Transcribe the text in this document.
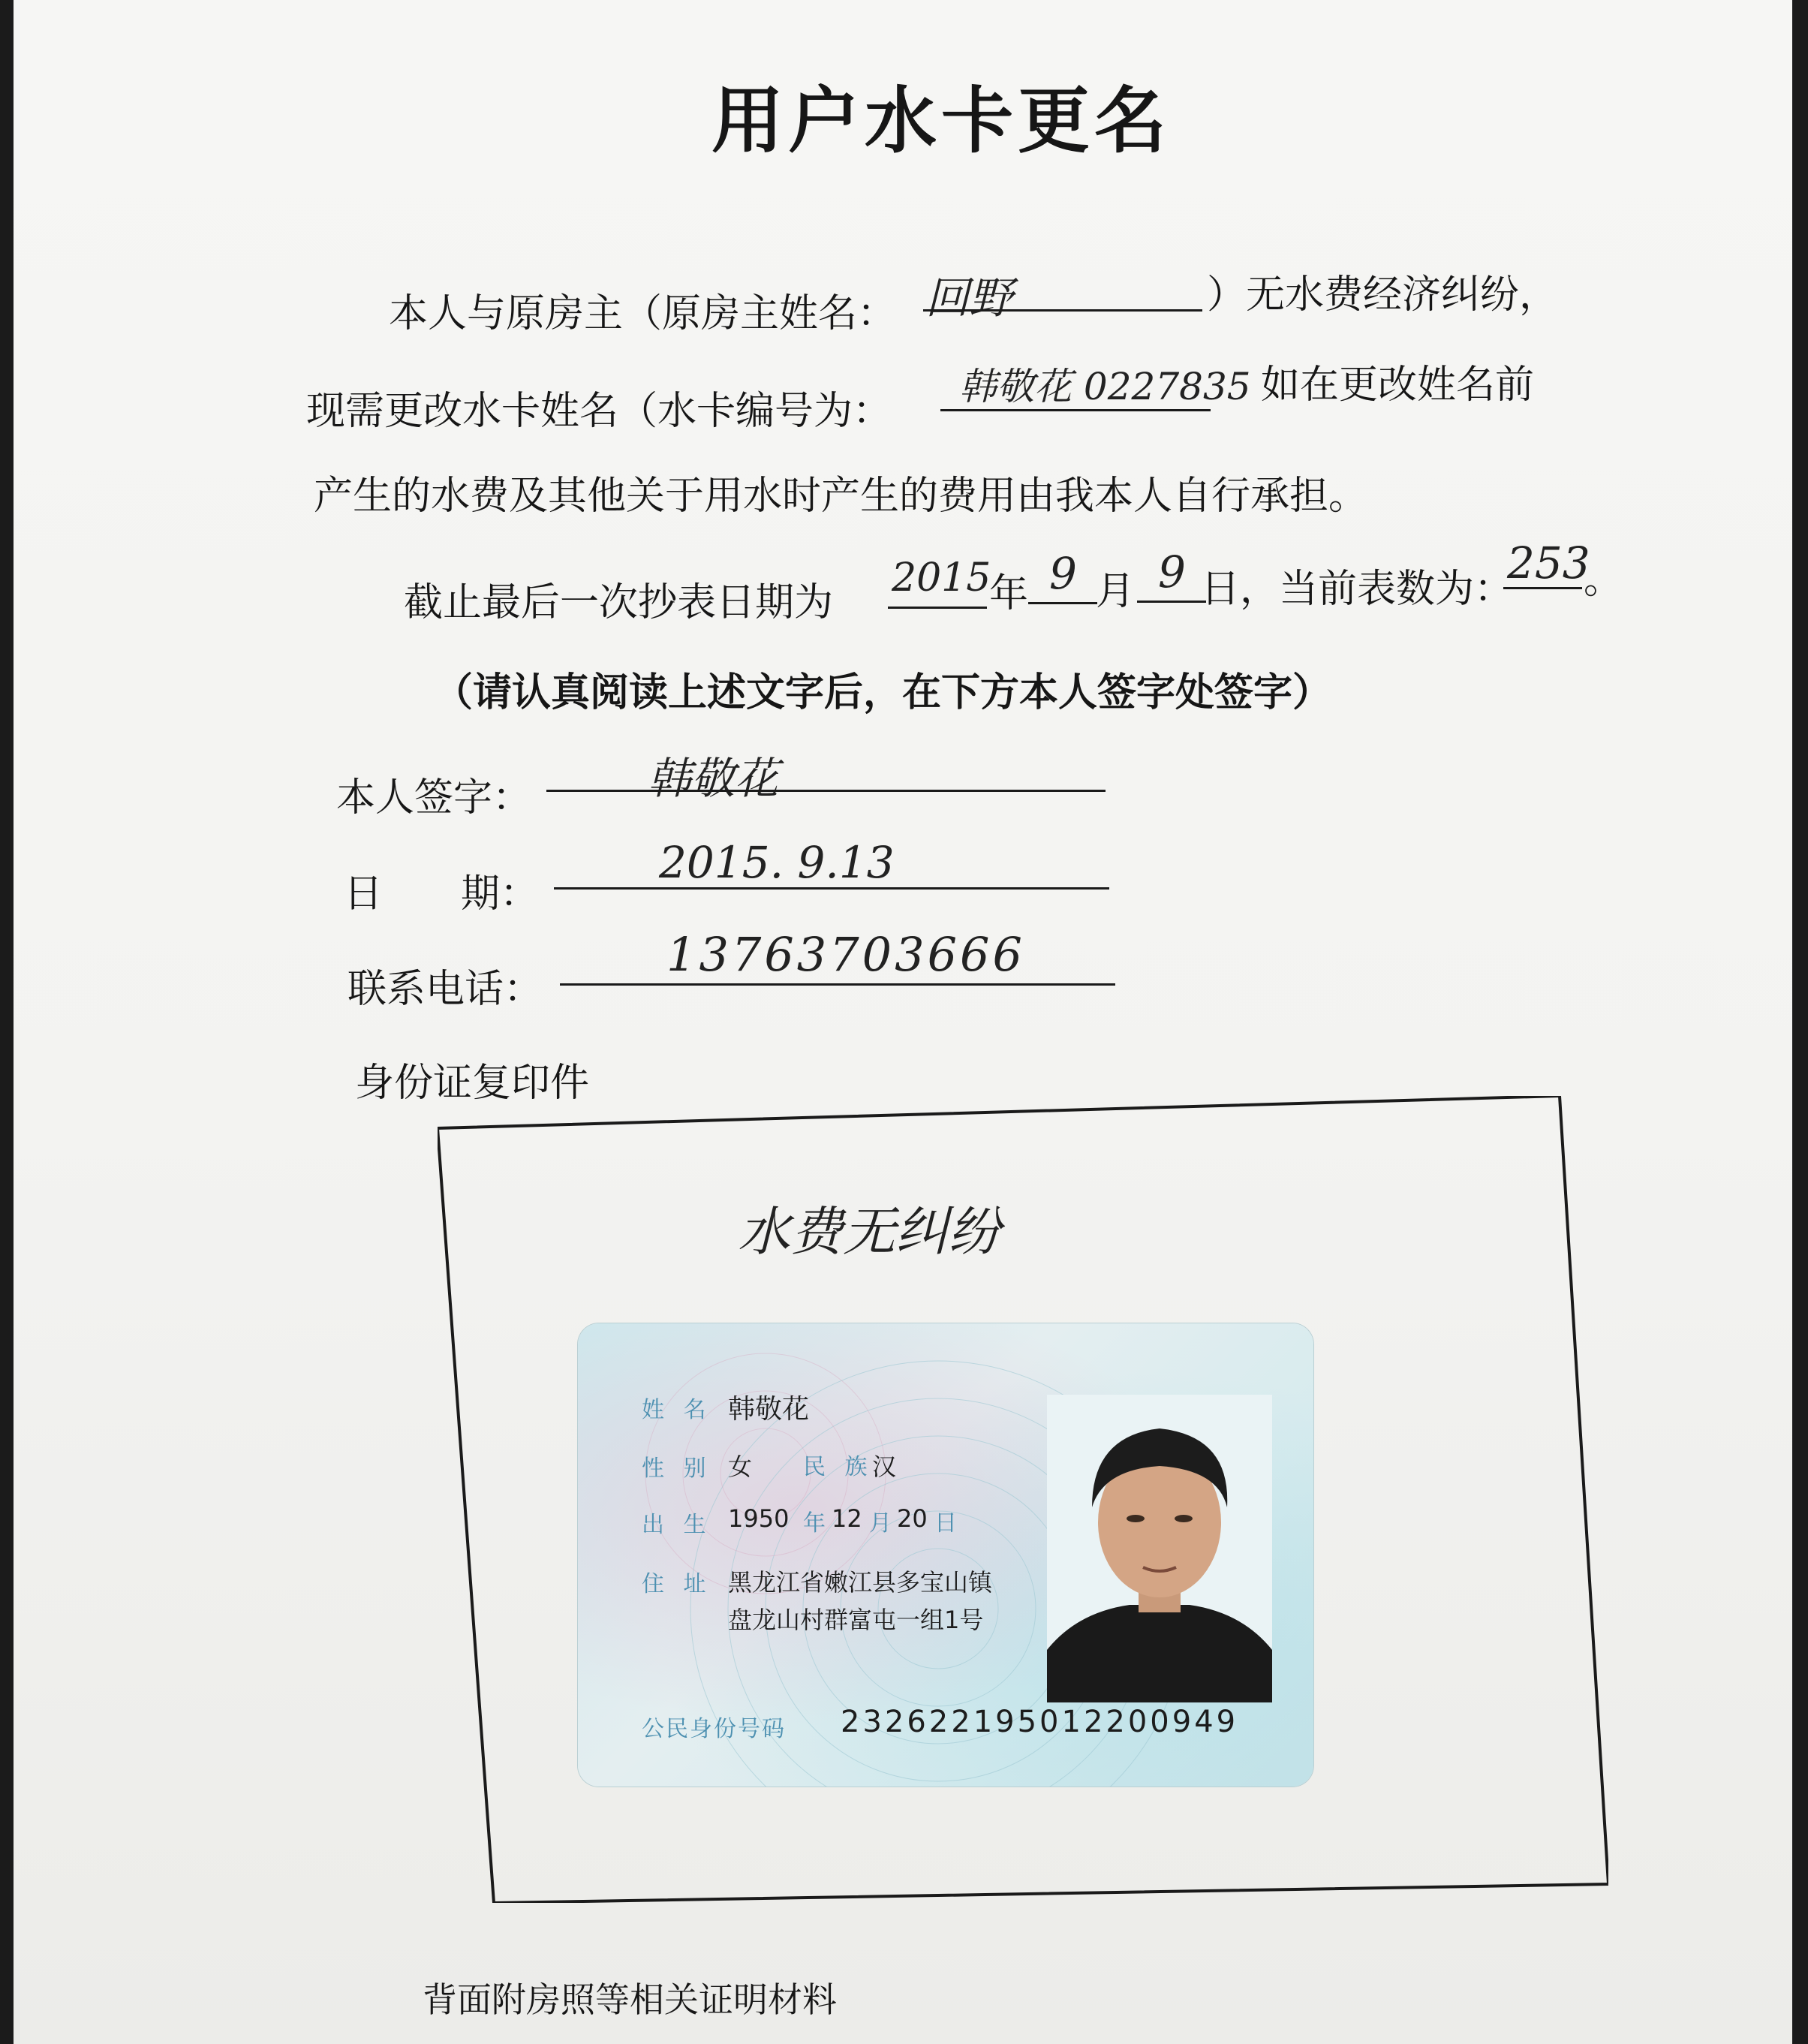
用户水卡更名
本人与原房主（原房主姓名： 回野	）无水费经济纠纷，
现需更改水卡姓名（水卡编号为：
韩敬花 0227835 如在更改姓名前
产生的水费及其他关于用水时产生的费用由我本人自行承担。
截止最后一次抄表日期为
2015
年 9 月 9 日，当前表数为：
253
。
（请认真阅读上述文字后，在下方本人签字处签字）
本人签字：	韩敬花
日　　期：
2015. 9.13
联系电话：
13763703666
身份证复印件
水费无纠纷
姓 名 韩敬花
性 别 女 民 族
汉
出 生 1950 年 12 月 20 日
住 址 黑龙江省嫩江县多宝山镇
盘龙山村群富屯一组1号
公民身份号码 232622195012200949
背面附房照等相关证明材料
